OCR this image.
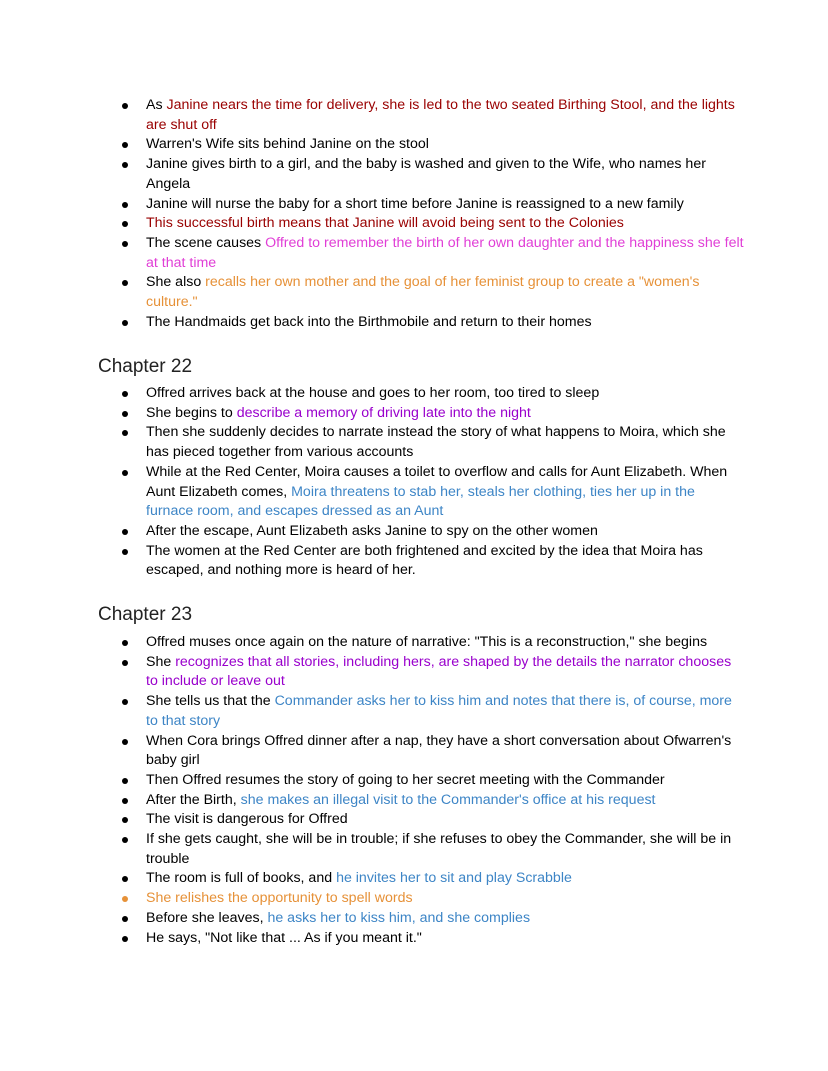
As Janine nears the time for delivery, she is led to the two seated Birthing Stool, and the lights are shut off
Warren's Wife sits behind Janine on the stool
Janine gives birth to a girl, and the baby is washed and given to the Wife, who names her Angela
Janine will nurse the baby for a short time before Janine is reassigned to a new family
This successful birth means that Janine will avoid being sent to the Colonies
The scene causes Offred to remember the birth of her own daughter and the happiness she felt at that time
She also recalls her own mother and the goal of her feminist group to create a "women's culture."
The Handmaids get back into the Birthmobile and return to their homes
Chapter 22
Offred arrives back at the house and goes to her room, too tired to sleep
She begins to describe a memory of driving late into the night
Then she suddenly decides to narrate instead the story of what happens to Moira, which she has pieced together from various accounts
While at the Red Center, Moira causes a toilet to overflow and calls for Aunt Elizabeth. When Aunt Elizabeth comes, Moira threatens to stab her, steals her clothing, ties her up in the furnace room, and escapes dressed as an Aunt
After the escape, Aunt Elizabeth asks Janine to spy on the other women
The women at the Red Center are both frightened and excited by the idea that Moira has escaped, and nothing more is heard of her.
Chapter 23
Offred muses once again on the nature of narrative: "This is a reconstruction," she begins
She recognizes that all stories, including hers, are shaped by the details the narrator chooses to include or leave out
She tells us that the Commander asks her to kiss him and notes that there is, of course, more to that story
When Cora brings Offred dinner after a nap, they have a short conversation about Ofwarren's baby girl
Then Offred resumes the story of going to her secret meeting with the Commander
After the Birth, she makes an illegal visit to the Commander's office at his request
The visit is dangerous for Offred
If she gets caught, she will be in trouble; if she refuses to obey the Commander, she will be in trouble
The room is full of books, and he invites her to sit and play Scrabble
She relishes the opportunity to spell words
Before she leaves, he asks her to kiss him, and she complies
He says, "Not like that ... As if you meant it."
